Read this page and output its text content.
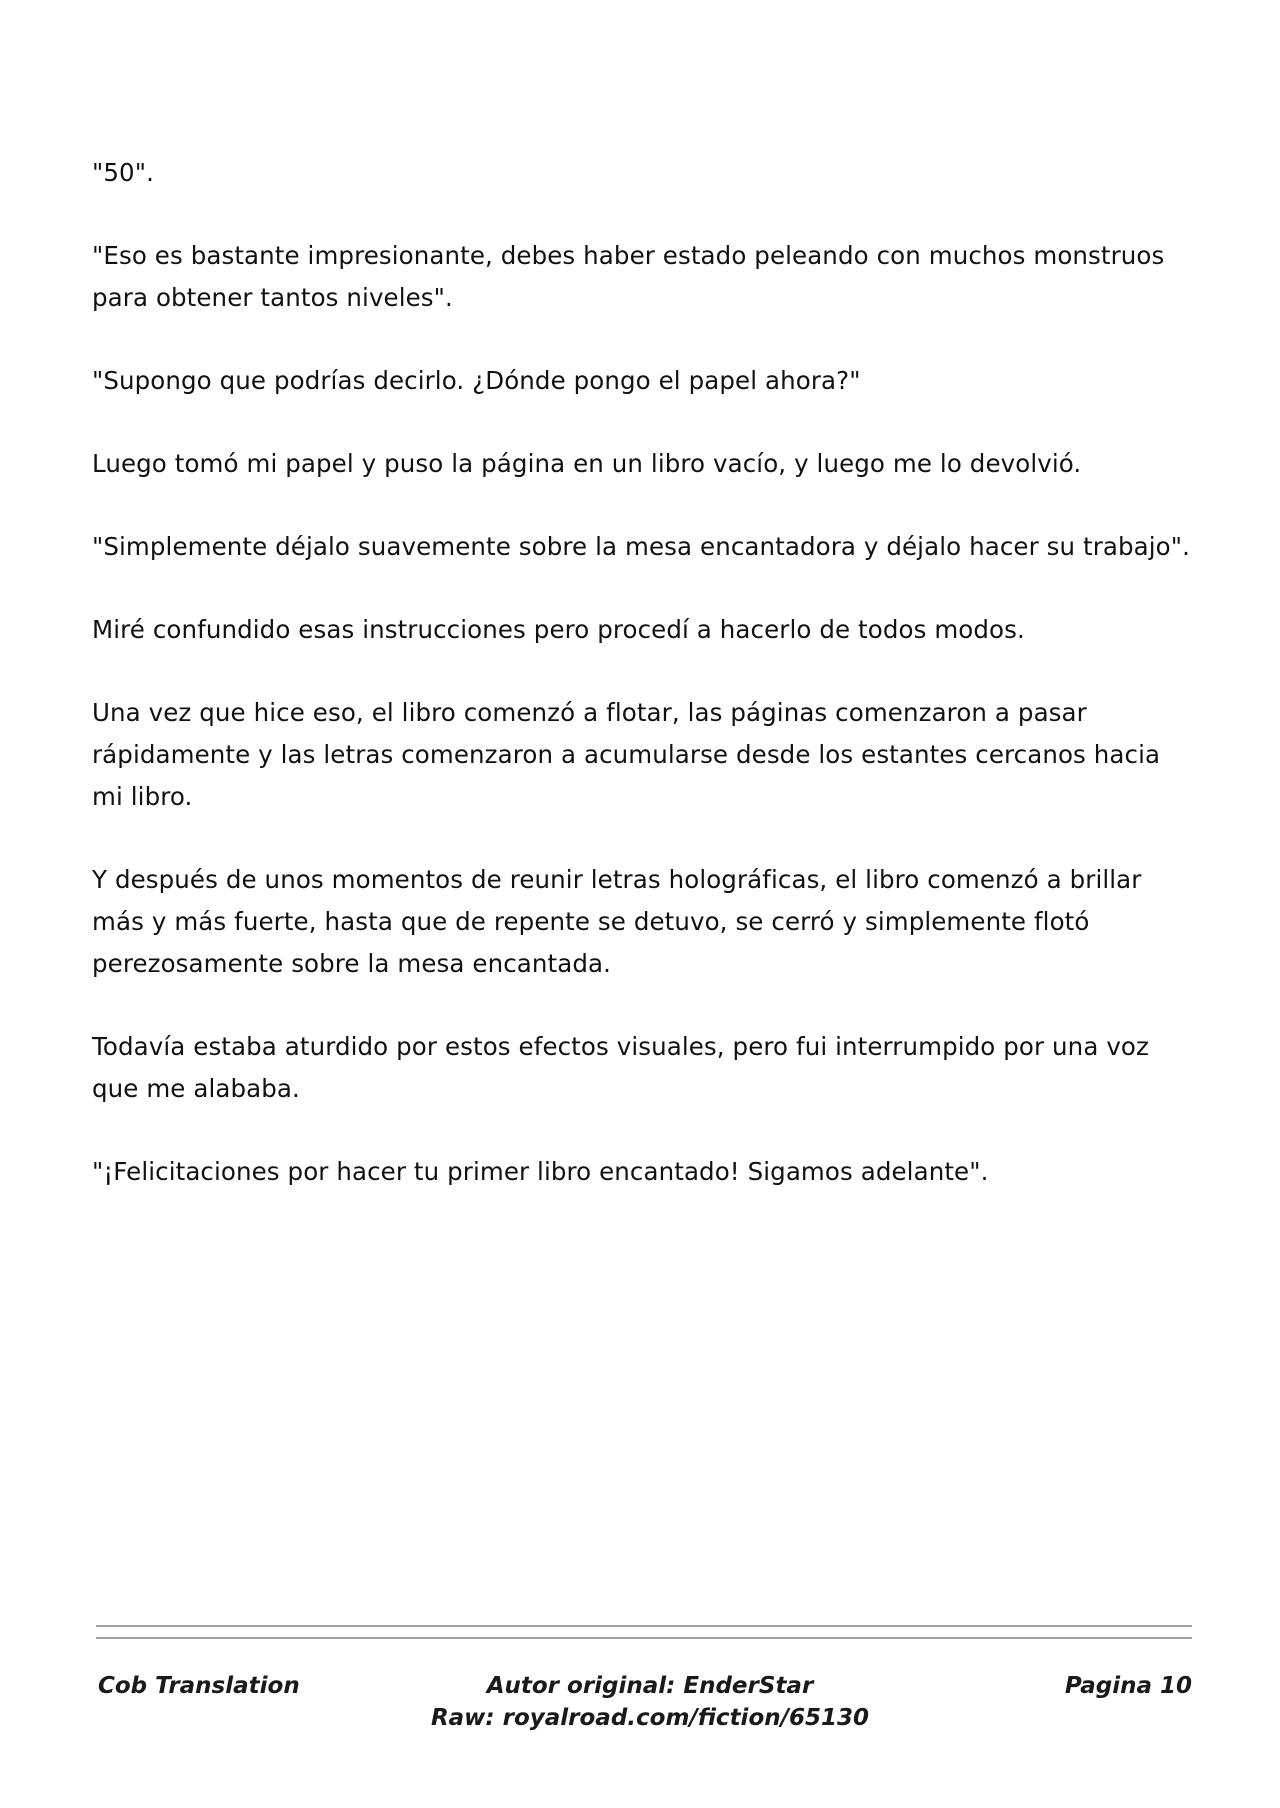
"50".

"Eso es bastante impresionante, debes haber estado peleando con muchos monstruos para obtener tantos niveles".

"Supongo que podrías decirlo. ¿Dónde pongo el papel ahora?"

Luego tomó mi papel y puso la página en un libro vacío, y luego me lo devolvió.

"Simplemente déjalo suavemente sobre la mesa encantadora y déjalo hacer su trabajo".

Miré confundido esas instrucciones pero procedí a hacerlo de todos modos.

Una vez que hice eso, el libro comenzó a flotar, las páginas comenzaron a pasar rápidamente y las letras comenzaron a acumularse desde los estantes cercanos hacia mi libro.

Y después de unos momentos de reunir letras holográficas, el libro comenzó a brillar más y más fuerte, hasta que de repente se detuvo, se cerró y simplemente flotó perezosamente sobre la mesa encantada.

Todavía estaba aturdido por estos efectos visuales, pero fui interrumpido por una voz que me alababa.

"¡Felicitaciones por hacer tu primer libro encantado! Sigamos adelante".

Cob Translation	Autor original: EnderStar
Raw: royalroad.com/fiction/65130
Pagina 10
